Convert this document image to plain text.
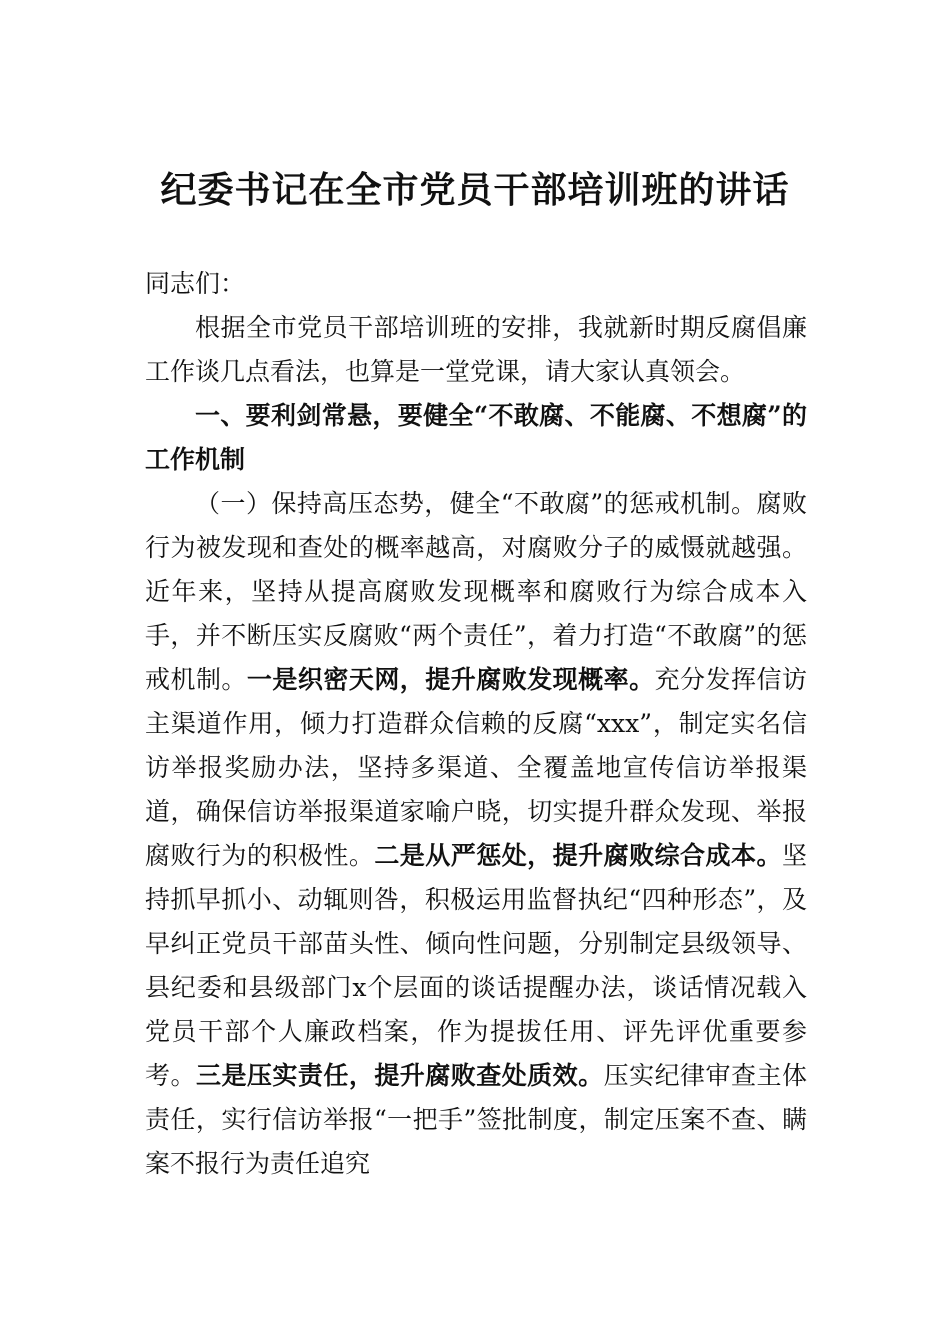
纪委书记在全市党员干部培训班的讲话

同志们：

根据全市党员干部培训班的安排，我就新时期反腐倡廉工作谈几点看法，也算是一堂党课，请大家认真领会。

一、要利剑常悬，要健全“不敢腐、不能腐、不想腐”的工作机制

（一）保持高压态势，健全“不敢腐”的惩戒机制。腐败行为被发现和查处的概率越高，对腐败分子的威慑就越强。近年来，坚持从提高腐败发现概率和腐败行为综合成本入手，并不断压实反腐败“两个责任”，着力打造“不敢腐”的惩戒机制。一是织密天网，提升腐败发现概率。充分发挥信访主渠道作用，倾力打造群众信赖的反腐“xxx”，制定实名信访举报奖励办法，坚持多渠道、全覆盖地宣传信访举报渠道，确保信访举报渠道家喻户晓，切实提升群众发现、举报腐败行为的积极性。二是从严惩处，提升腐败综合成本。坚持抓早抓小、动辄则咎，积极运用监督执纪“四种形态”，及早纠正党员干部苗头性、倾向性问题，分别制定县级领导、县纪委和县级部门x个层面的谈话提醒办法，谈话情况载入党员干部个人廉政档案，作为提拔任用、评先评优重要参考。三是压实责任，提升腐败查处质效。压实纪律审查主体责任，实行信访举报“一把手”签批制度，制定压案不查、瞒案不报行为责任追究
